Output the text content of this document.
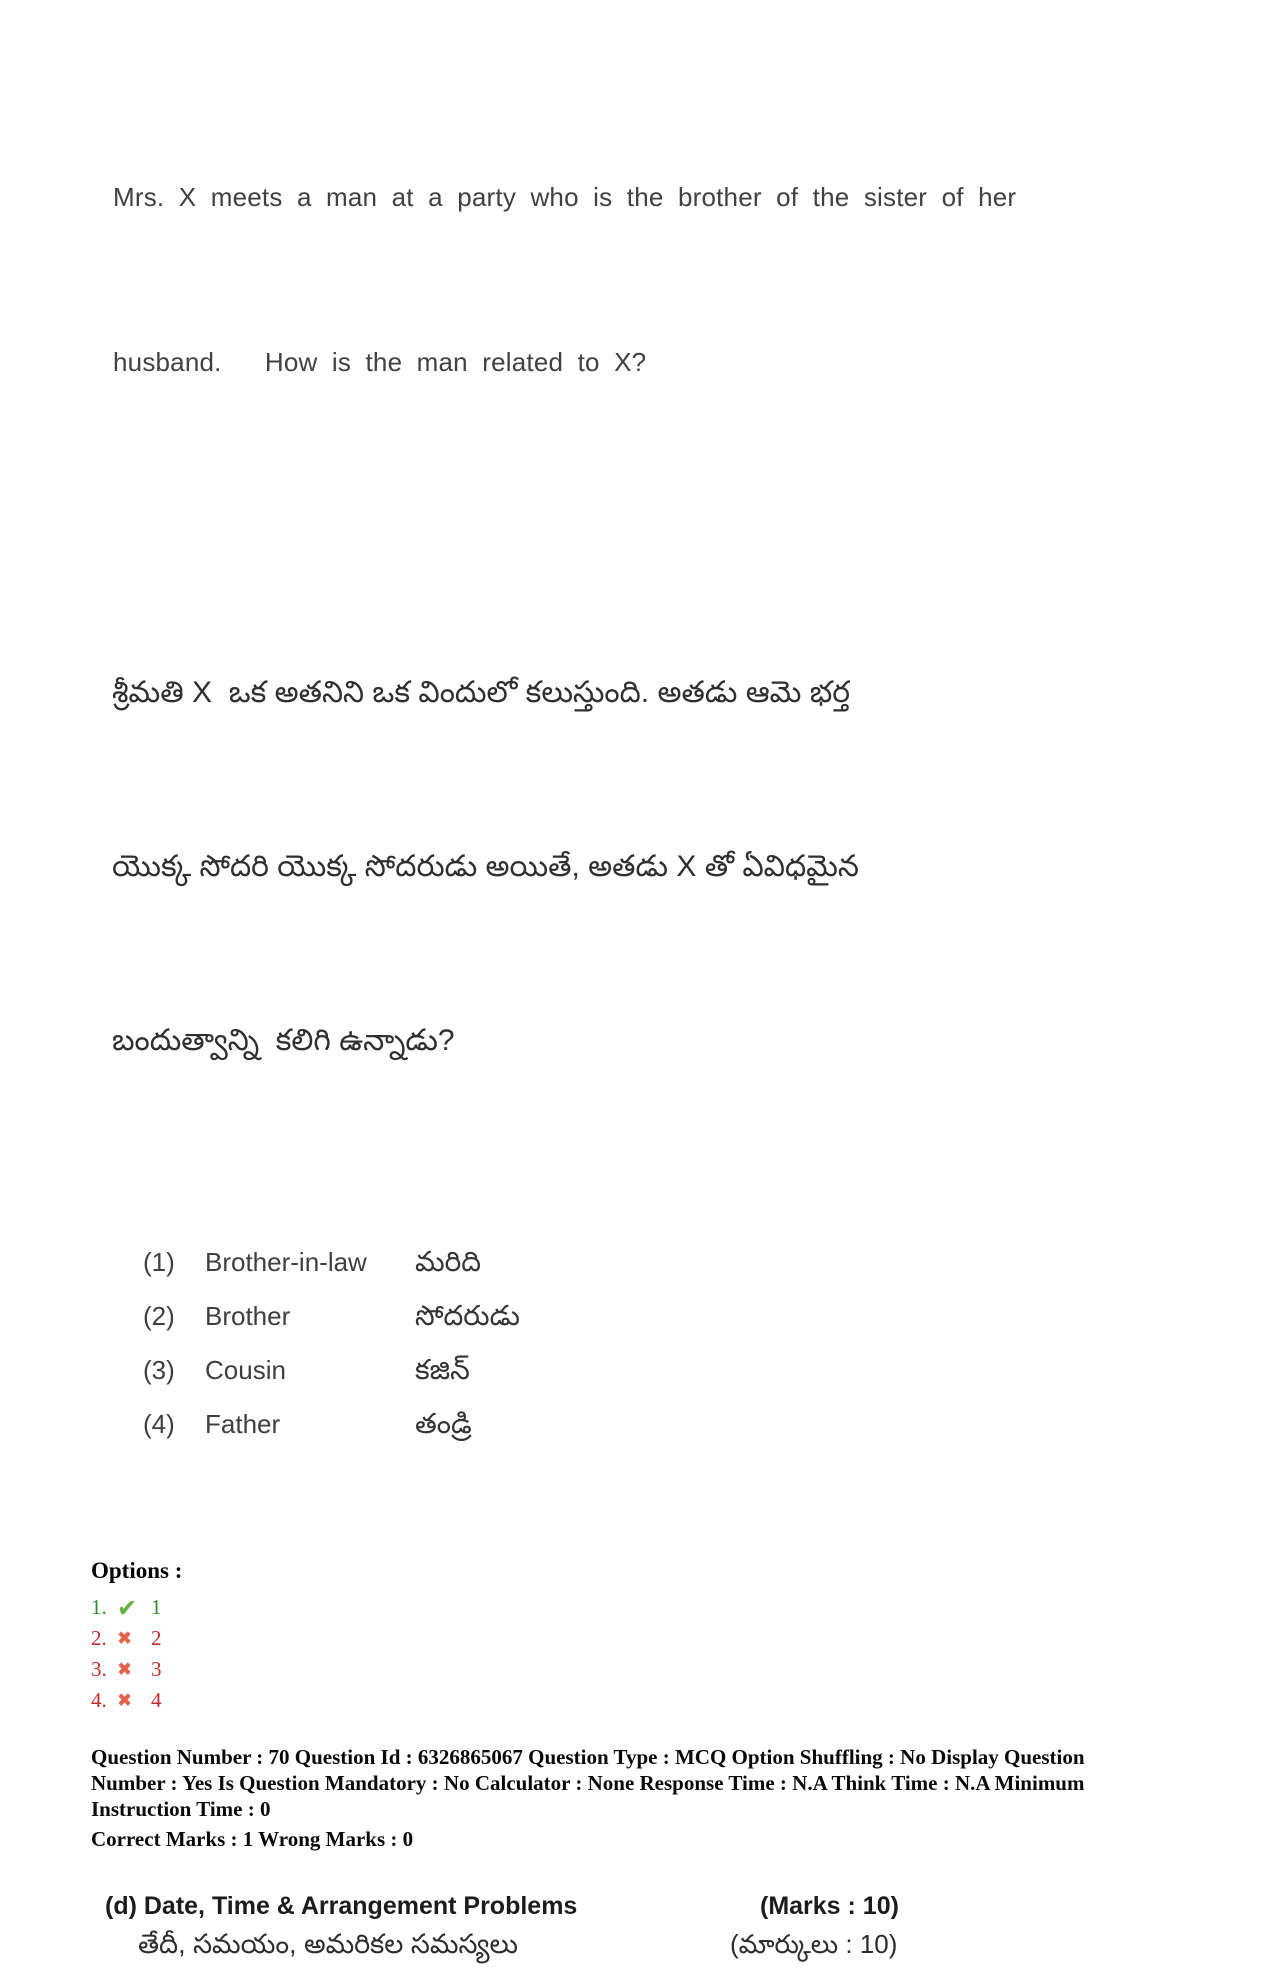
Mrs. X meets a man at a party who is the brother of the sister of her

husband.   How is the man related to X?

శ్రీమతి X  ఒక అతనిని ఒక విందులో కలుస్తుంది. అతడు ఆమె భర్త

యొక్క సోదరి యొక్క సోదరుడు అయితే, అతడు X తో ఏవిధమైన

బందుత్వాన్ని  కలిగి ఉన్నాడు?

(1)	Brother-in-law	మరిది
(2)	Brother	సోదరుడు
(3)	Cousin	కజిన్
(4)	Father	తండ్రి
Options :
1. ✔ 1
2. ✖ 2
3. ✖ 3
4. ✖ 4

Question Number : 70 Question Id : 6326865067 Question Type : MCQ Option Shuffling : No Display Question Number : Yes Is Question Mandatory : No Calculator : None Response Time : N.A Think Time : N.A Minimum Instruction Time : 0

Correct Marks : 1 Wrong Marks : 0

(d) Date, Time & Arrangement Problems	(Marks : 10)
తేదీ, సమయం, అమరికల సమస్యలు	(మార్కులు : 10)
